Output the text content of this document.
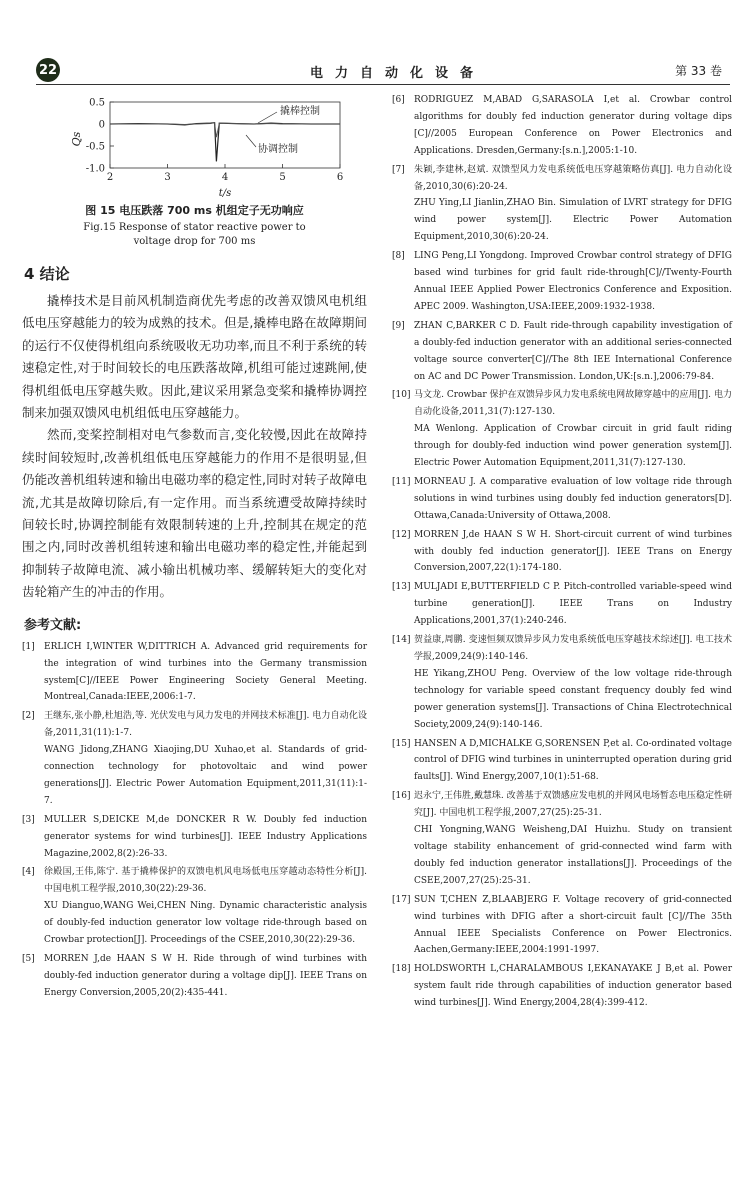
22	电力自动化设备	第 33 卷
0.5
0
-0.5
-1.0
2	3	4	5	6
t/s
Qs
撬棒控制
协调控制
图 15 电压跌落 700 ms 机组定子无功响应
Fig.15 Response of stator reactive power to
voltage drop for 700 ms
4 结论

撬棒技术是目前风机制造商优先考虑的改善双馈风电机组低电压穿越能力的较为成熟的技术。但是,撬棒电路在故障期间的运行不仅使得机组向系统吸收无功功率,而且不利于系统的转速稳定性,对于时间较长的电压跌落故障,机组可能过速跳闸,使得机组低电压穿越失败。因此,建议采用紧急变桨和撬棒协调控制来加强双馈风电机组低电压穿越能力。

然而,变桨控制相对电气参数而言,变化较慢,因此在故障持续时间较短时,改善机组低电压穿越能力的作用不是很明显,但仍能改善机组转速和输出电磁功率的稳定性,同时对转子故障电流,尤其是故障切除后,有一定作用。而当系统遭受故障持续时间较长时,协调控制能有效限制转速的上升,控制其在规定的范围之内,同时改善机组转速和输出电磁功率的稳定性,并能起到抑制转子故障电流、减小输出机械功率、缓解转矩大的变化对齿轮箱产生的冲击的作用。

参考文献:
[1]	ERLICH I,WINTER W,DITTRICH A. Advanced grid requirements for the integration of wind turbines into the Germany transmission system[C]//IEEE Power Engineering Society General Meeting. Montreal,Canada:IEEE,2006:1-7.
[2]	王继东,张小静,杜旭浩,等. 光伏发电与风力发电的并网技术标准[J]. 电力自动化设备,2011,31(11):1-7.
WANG Jidong,ZHANG Xiaojing,DU Xuhao,et al. Standards of grid-connection technology for photovoltaic and wind power generations[J]. Electric Power Automation Equipment,2011,31(11):1-7.
[3]	MULLER S,DEICKE M,de DONCKER R W. Doubly fed induction generator systems for wind turbines[J]. IEEE Industry Applications Magazine,2002,8(2):26-33.
[4]	徐殿国,王伟,陈宁. 基于撬棒保护的双馈电机风电场低电压穿越动态特性分析[J]. 中国电机工程学报,2010,30(22):29-36.
XU Dianguo,WANG Wei,CHEN Ning. Dynamic characteristic analysis of doubly-fed induction generator low voltage ride-through based on Crowbar protection[J]. Proceedings of the CSEE,2010,30(22):29-36.
[5]	MORREN J,de HAAN S W H. Ride through of wind turbines with doubly-fed induction generator during a voltage dip[J]. IEEE Trans on Energy Conversion,2005,20(2):435-441.
[6]	RODRIGUEZ M,ABAD G,SARASOLA I,et al. Crowbar control algorithms for doubly fed induction generator during voltage dips [C]//2005 European Conference on Power Electronics and Applications. Dresden,Germany:[s.n.],2005:1-10.
[7]	朱颖,李建林,赵斌. 双馈型风力发电系统低电压穿越策略仿真[J]. 电力自动化设备,2010,30(6):20-24.
ZHU Ying,LI Jianlin,ZHAO Bin. Simulation of LVRT strategy for DFIG wind power system[J]. Electric Power Automation Equipment,2010,30(6):20-24.
[8]	LING Peng,LI Yongdong. Improved Crowbar control strategy of DFIG based wind turbines for grid fault ride-through[C]//Twenty-Fourth Annual IEEE Applied Power Electronics Conference and Exposition. APEC 2009. Washington,USA:IEEE,2009:1932-1938.
[9]	ZHAN C,BARKER C D. Fault ride-through capability investigation of a doubly-fed induction generator with an additional series-connected voltage source converter[C]//The 8th IEE International Conference on AC and DC Power Transmission. London,UK:[s.n.],2006:79-84.
[10] 马文龙. Crowbar 保护在双馈异步风力发电系统电网故障穿越中的应用[J]. 电力自动化设备,2011,31(7):127-130.
MA Wenlong. Application of Crowbar circuit in grid fault riding through for doubly-fed induction wind power generation system[J]. Electric Power Automation Equipment,2011,31(7):127-130.
[11] MORNEAU J. A comparative evaluation of low voltage ride through solutions in wind turbines using doubly fed induction generators[D]. Ottawa,Canada:University of Ottawa,2008.
[12] MORREN J,de HAAN S W H. Short-circuit current of wind turbines with doubly fed induction generator[J]. IEEE Trans on Energy Conversion,2007,22(1):174-180.
[13] MULJADI E,BUTTERFIELD C P. Pitch-controlled variable-speed wind turbine generation[J]. IEEE Trans on Industry Applications,2001,37(1):240-246.
[14] 贺益康,周鹏. 变速恒频双馈异步风力发电系统低电压穿越技术综述[J]. 电工技术学报,2009,24(9):140-146.
HE Yikang,ZHOU Peng. Overview of the low voltage ride-through technology for variable speed constant frequency doubly fed wind power generation systems[J]. Transactions of China Electrotechnical Society,2009,24(9):140-146.
[15] HANSEN A D,MICHALKE G,SORENSEN P,et al. Co-ordinated voltage control of DFIG wind turbines in uninterrupted operation during grid faults[J]. Wind Energy,2007,10(1):51-68.
[16] 迟永宁,王伟胜,戴慧珠. 改善基于双馈感应发电机的并网风电场暂态电压稳定性研究[J]. 中国电机工程学报,2007,27(25):25-31.
CHI Yongning,WANG Weisheng,DAI Huizhu. Study on transient voltage stability enhancement of grid-connected wind farm with doubly fed induction generator installations[J]. Proceedings of the CSEE,2007,27(25):25-31.
[17] SUN T,CHEN Z,BLAABJERG F. Voltage recovery of grid-connected wind turbines with DFIG after a short-circuit fault [C]//The 35th Annual IEEE Specialists Conference on Power Electronics. Aachen,Germany:IEEE,2004:1991-1997.
[18] HOLDSWORTH L,CHARALAMBOUS I,EKANAYAKE J B,et al. Power system fault ride through capabilities of induction generator based wind turbines[J]. Wind Energy,2004,28(4):399-412.
